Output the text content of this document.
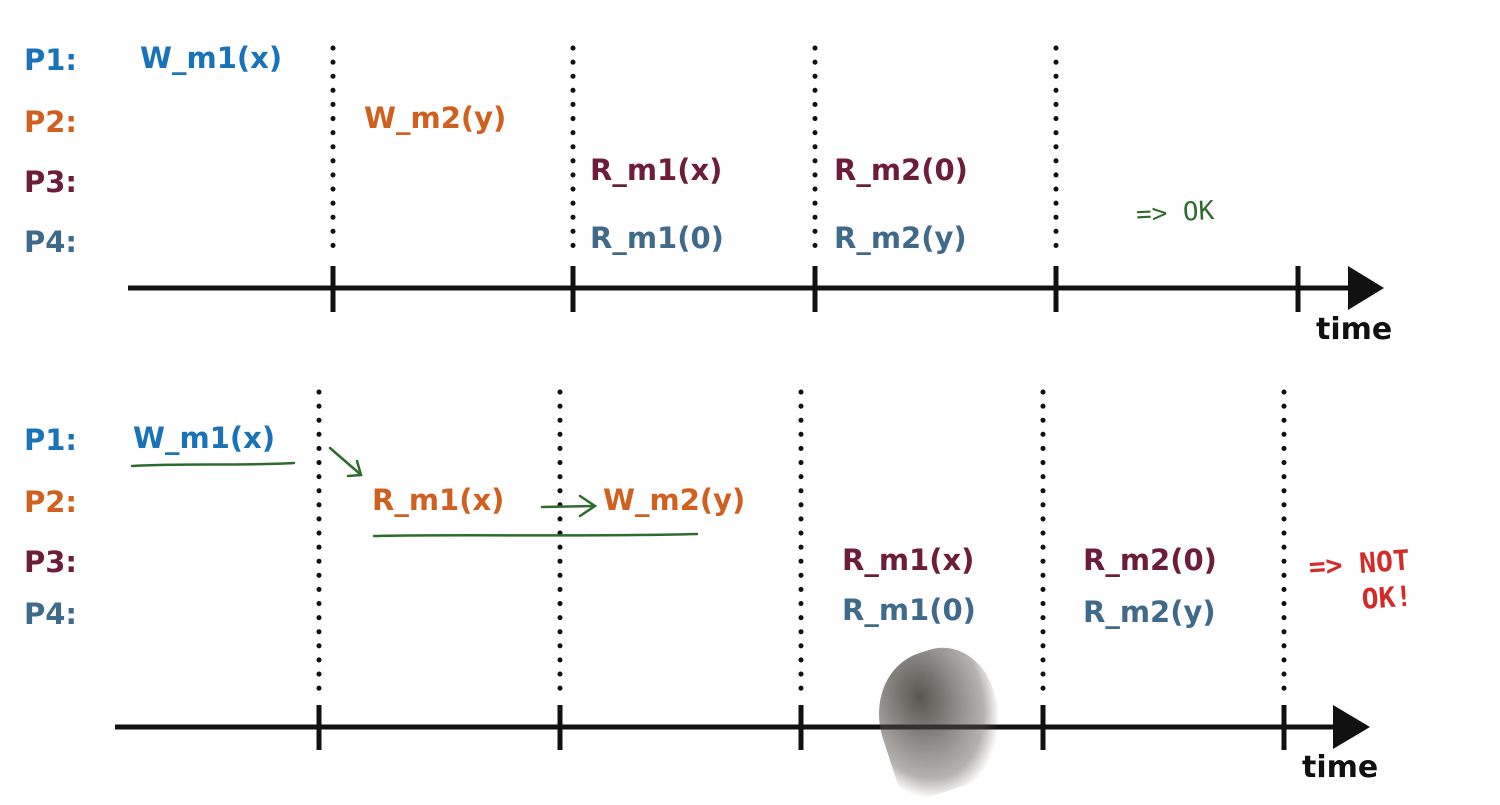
P1:
P2:
P3:
P4:
W_m1(x)
W_m2(y)
R_m1(x)	R_m2(0)
R_m1(0)	R_m2(y)
=> OK
time
P1:
P2:
P3:
P4:
W_m1(x)
R_m1(x)	W_m2(y)
R_m1(x)	R_m2(0)
R_m1(0)	R_m2(y)
=> NOT
OK!
time
